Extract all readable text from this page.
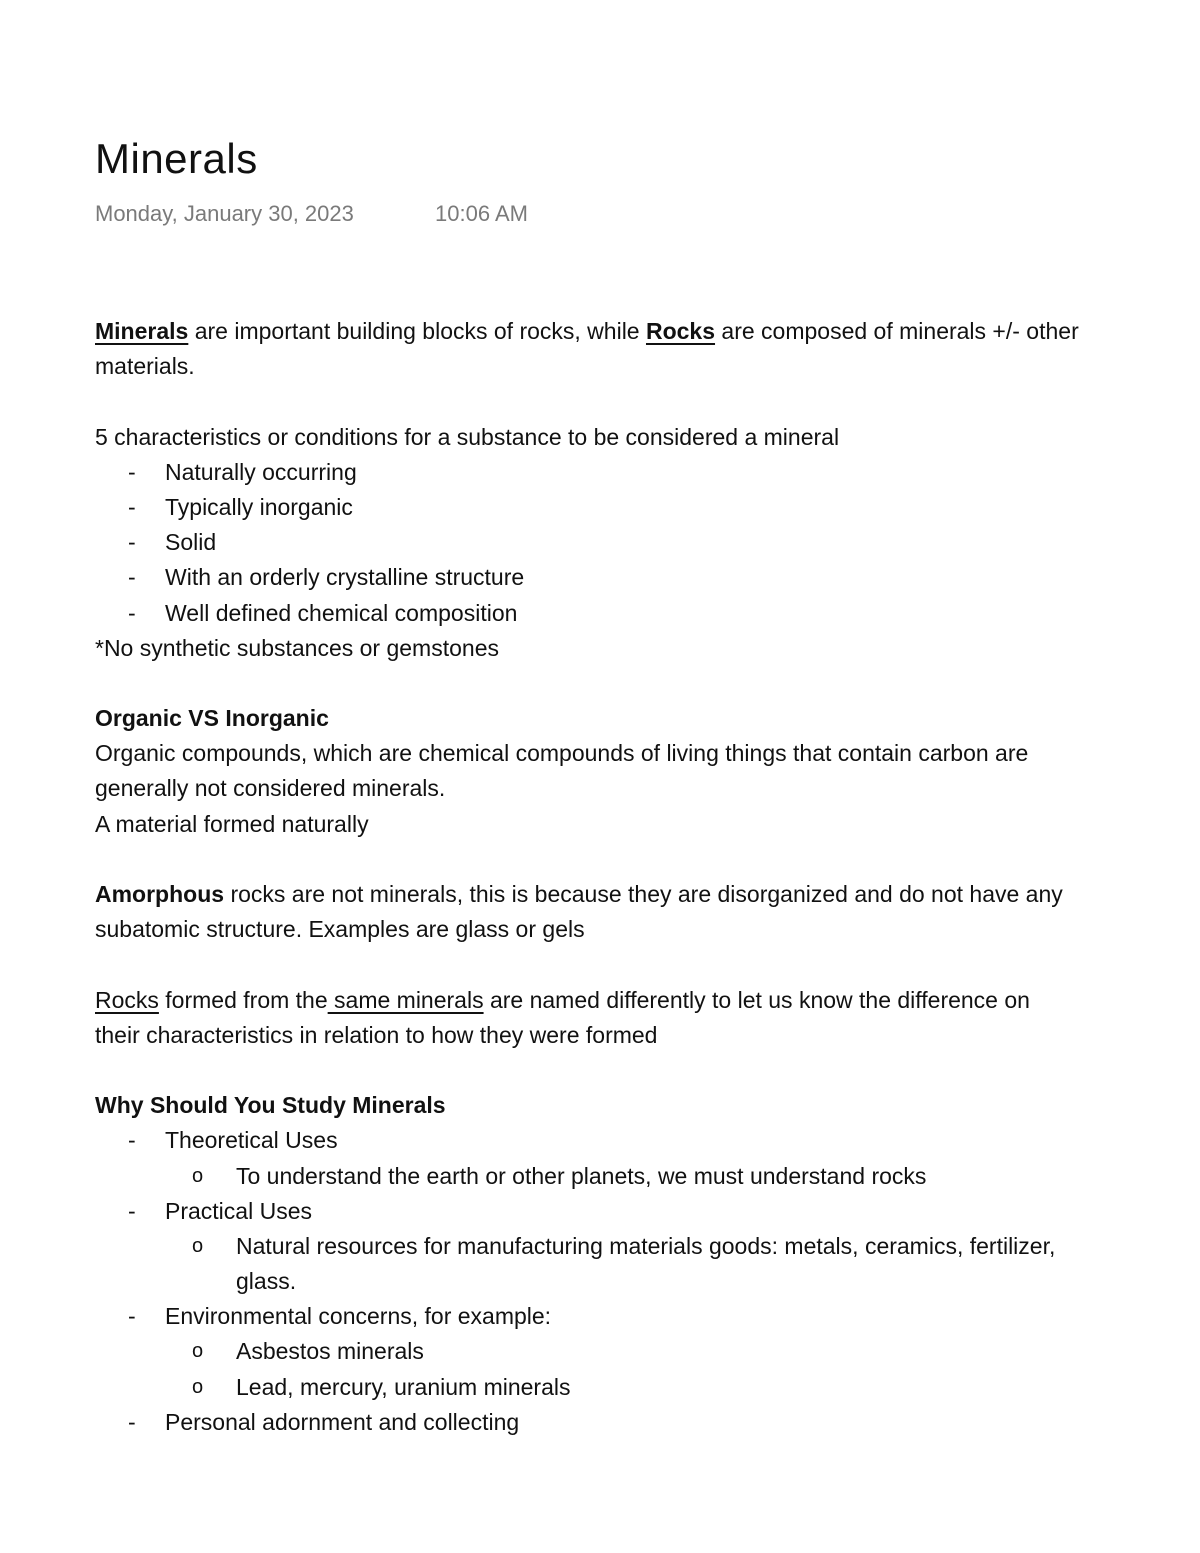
Minerals
Monday, January 30, 2023	10:06 AM
Minerals are important building blocks of rocks, while Rocks are composed of minerals +/- other
materials.
5 characteristics or conditions for a substance to be considered a mineral
- Naturally occurring
- Typically inorganic
- Solid
- With an orderly crystalline structure
- Well defined chemical composition
*No synthetic substances or gemstones
Organic VS Inorganic
Organic compounds, which are chemical compounds of living things that contain carbon are
generally not considered minerals.
A material formed naturally
Amorphous rocks are not minerals, this is because they are disorganized and do not have any
subatomic structure. Examples are glass or gels
Rocks formed from the same minerals are named differently to let us know the difference on
their characteristics in relation to how they were formed
Why Should You Study Minerals
- Theoretical Uses
o To understand the earth or other planets, we must understand rocks
- Practical Uses
o Natural resources for manufacturing materials goods: metals, ceramics, fertilizer,
glass.
- Environmental concerns, for example:
o Asbestos minerals
o Lead, mercury, uranium minerals
- Personal adornment and collecting
